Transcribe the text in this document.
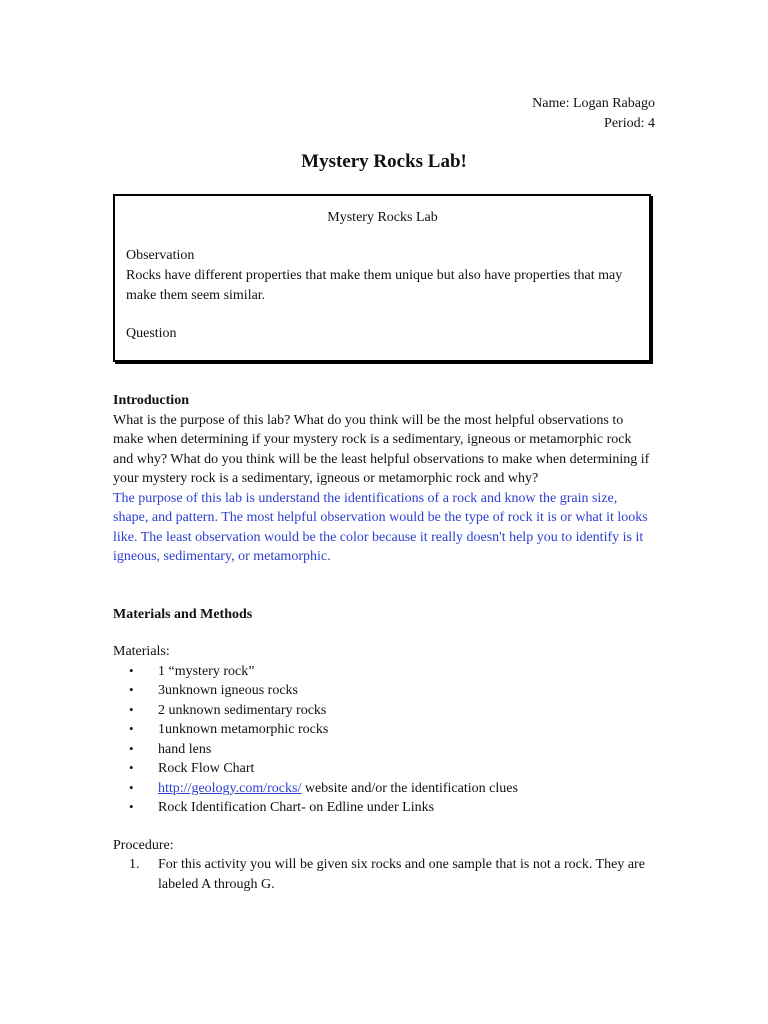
Name: Logan Rabago
Period: 4
Mystery Rocks Lab!
Mystery Rocks Lab

Observation

Rocks have different properties that make them unique but also have properties that may make them seem similar.

Question

Introduction

What is the purpose of this lab? What do you think will be the most helpful observations to make when determining if your mystery rock is a sedimentary, igneous or metamorphic rock and why? What do you think will be the least helpful observations to make when determining if your mystery rock is a sedimentary, igneous or metamorphic rock and why?

The purpose of this lab is understand the identifications of a rock and know the grain size, shape, and pattern. The most helpful observation would be the type of rock it is or what it looks like. The least observation would be the color because it really doesn't help you to identify is it igneous, sedimentary, or metamorphic.

Materials and Methods

Materials:

• 1 “mystery rock”
• 3unknown igneous rocks
• 2 unknown sedimentary rocks
• 1unknown metamorphic rocks
• hand lens
• Rock Flow Chart
• http://geology.com/rocks/ website and/or the identification clues
• Rock Identification Chart- on Edline under Links

Procedure:

1. For this activity you will be given six rocks and one sample that is not a rock. They are labeled A through G.
